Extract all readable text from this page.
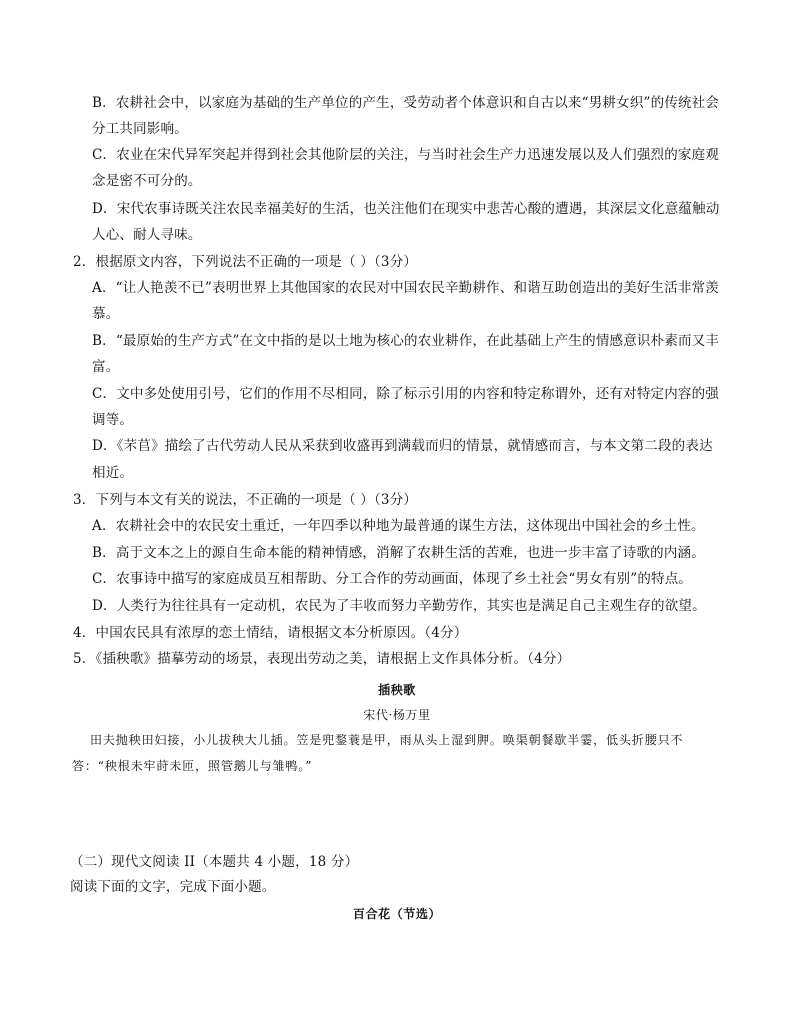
B．农耕社会中，以家庭为基础的生产单位的产生，受劳动者个体意识和自古以来“男耕女织”的传统社会
分工共同影响。
C．农业在宋代异军突起并得到社会其他阶层的关注，与当时社会生产力迅速发展以及人们强烈的家庭观
念是密不可分的。
D．宋代农事诗既关注农民幸福美好的生活，也关注他们在现实中悲苦心酸的遭遇，其深层文化意蕴触动
人心、耐人寻味。
2．根据原文内容，下列说法不正确的一项是（ ）（3分）
A．“让人艳羡不已”表明世界上其他国家的农民对中国农民辛勤耕作、和谐互助创造出的美好生活非常羡
慕。
B．“最原始的生产方式”在文中指的是以土地为核心的农业耕作，在此基础上产生的情感意识朴素而又丰
富。
C．文中多处使用引号，它们的作用不尽相同，除了标示引用的内容和特定称谓外，还有对特定内容的强
调等。
D．《芣苢》描绘了古代劳动人民从采获到收盛再到满载而归的情景，就情感而言，与本文第二段的表达
相近。
3．下列与本文有关的说法，不正确的一项是（ ）（3分）
A．农耕社会中的农民安土重迁，一年四季以种地为最普通的谋生方法，这体现出中国社会的乡土性。
B．高于文本之上的源自生命本能的精神情感，消解了农耕生活的苦难，也进一步丰富了诗歌的内涵。
C．农事诗中描写的家庭成员互相帮助、分工合作的劳动画面，体现了乡土社会“男女有别”的特点。
D．人类行为往往具有一定动机，农民为了丰收而努力辛勤劳作，其实也是满足自己主观生存的欲望。
4．中国农民具有浓厚的恋土情结，请根据文本分析原因。（4分）
5．《插秧歌》描摹劳动的场景，表现出劳动之美，请根据上文作具体分析。（4分）
插秧歌
宋代·杨万里
田夫抛秧田妇接，小儿拔秧大儿插。笠是兜鍪蓑是甲，雨从头上湿到胛。唤渠朝餐歇半霎，低头折腰只不
答：“秧根未牢莳未匝，照管鹅儿与雏鸭。”
（二）现代文阅读 II（本题共 4 小题，18 分）
阅读下面的文字，完成下面小题。
百合花（节选）
